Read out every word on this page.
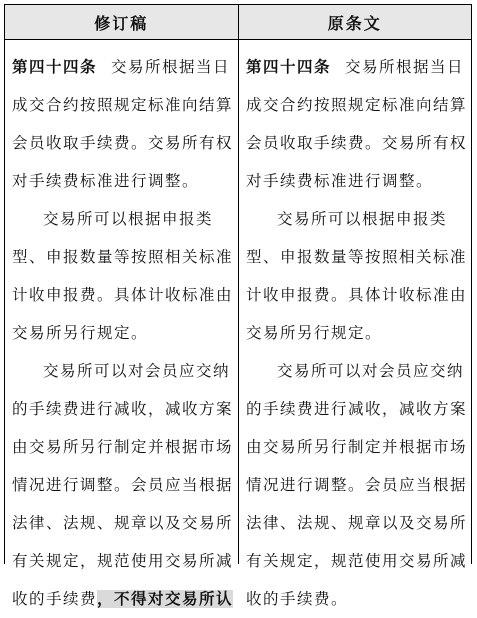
修订稿	原条文
第四十四条 交易所根据当日
成交合约按照规定标准向结算
会员收取手续费。交易所有权
对手续费标准进行调整。
交易所可以根据申报类
型、申报数量等按照相关标准
计收申报费。具体计收标准由
交易所另行规定。
交易所可以对会员应交纳
的手续费进行减收，减收方案
由交易所另行制定并根据市场
情况进行调整。会员应当根据
法律、法规、规章以及交易所
有关规定，规范使用交易所减
收的手续费，不得对交易所认
第四十四条 交易所根据当日
成交合约按照规定标准向结算
会员收取手续费。交易所有权
对手续费标准进行调整。
交易所可以根据申报类
型、申报数量等按照相关标准
计收申报费。具体计收标准由
交易所另行规定。
交易所可以对会员应交纳
的手续费进行减收，减收方案
由交易所另行制定并根据市场
情况进行调整。会员应当根据
法律、法规、规章以及交易所
有关规定，规范使用交易所减
收的手续费。
